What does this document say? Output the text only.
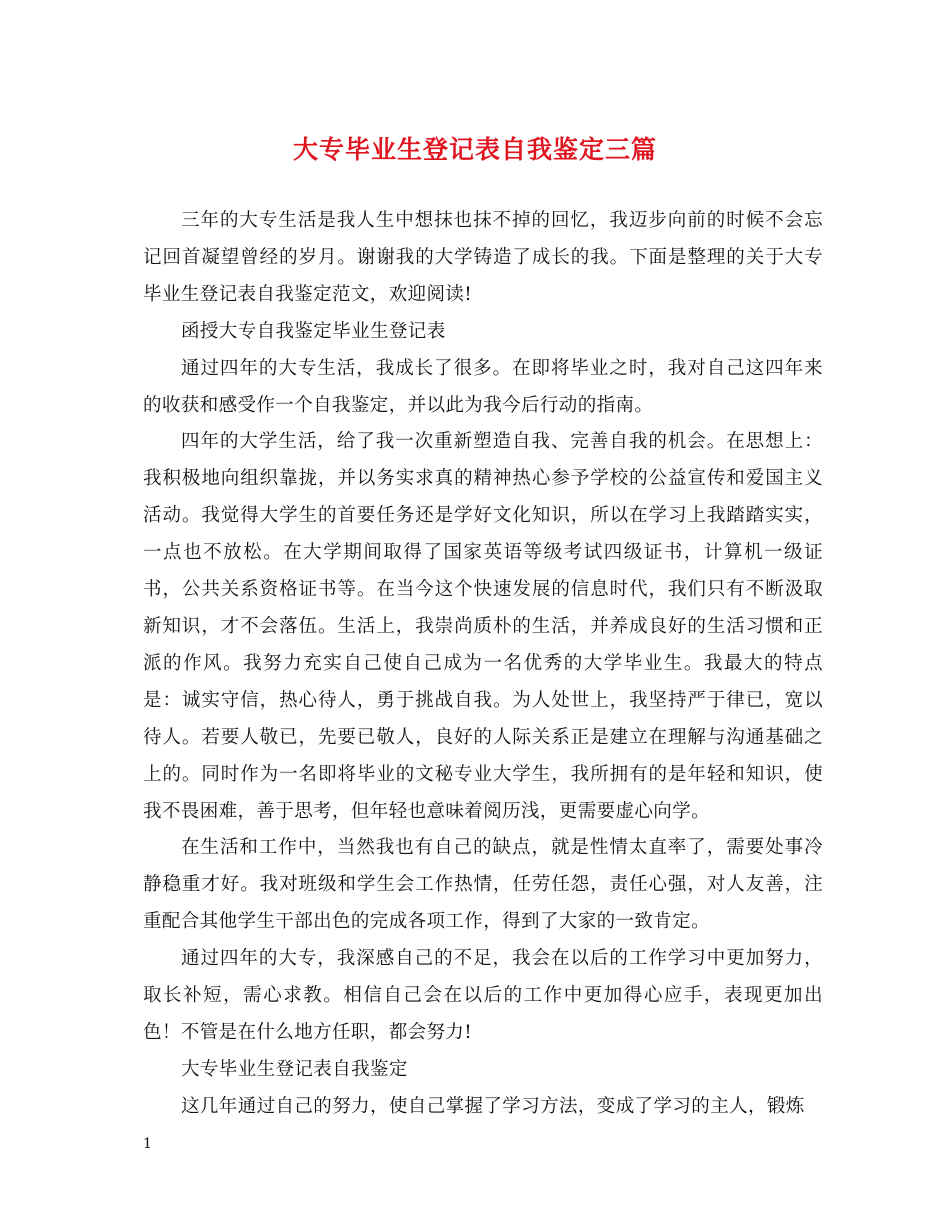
大专毕业生登记表自我鉴定三篇

三年的大专生活是我人生中想抹也抹不掉的回忆，我迈步向前的时候不会忘记回首凝望曾经的岁月。谢谢我的大学铸造了成长的我。下面是整理的关于大专毕业生登记表自我鉴定范文，欢迎阅读!

函授大专自我鉴定毕业生登记表

通过四年的大专生活，我成长了很多。在即将毕业之时，我对自己这四年来的收获和感受作一个自我鉴定，并以此为我今后行动的指南。

四年的大学生活，给了我一次重新塑造自我、完善自我的机会。在思想上：我积极地向组织靠拢，并以务实求真的精神热心参予学校的公益宣传和爱国主义活动。我觉得大学生的首要任务还是学好文化知识，所以在学习上我踏踏实实，一点也不放松。在大学期间取得了国家英语等级考试四级证书，计算机一级证书，公共关系资格证书等。在当今这个快速发展的信息时代，我们只有不断汲取新知识，才不会落伍。生活上，我崇尚质朴的生活，并养成良好的生活习惯和正派的作风。我努力充实自己使自己成为一名优秀的大学毕业生。我最大的特点是：诚实守信，热心待人，勇于挑战自我。为人处世上，我坚持严于律已，宽以待人。若要人敬已，先要已敬人，良好的人际关系正是建立在理解与沟通基础之上的。同时作为一名即将毕业的文秘专业大学生，我所拥有的是年轻和知识，使我不畏困难，善于思考，但年轻也意味着阅历浅，更需要虚心向学。

在生活和工作中，当然我也有自己的缺点，就是性情太直率了，需要处事冷静稳重才好。我对班级和学生会工作热情，任劳任怨，责任心强，对人友善，注重配合其他学生干部出色的完成各项工作，得到了大家的一致肯定。

通过四年的大专，我深感自己的不足，我会在以后的工作学习中更加努力，取长补短，需心求教。相信自己会在以后的工作中更加得心应手，表现更加出色！不管是在什么地方任职，都会努力!

大专毕业生登记表自我鉴定

这几年通过自己的努力，使自己掌握了学习方法，变成了学习的主人，锻炼

1
